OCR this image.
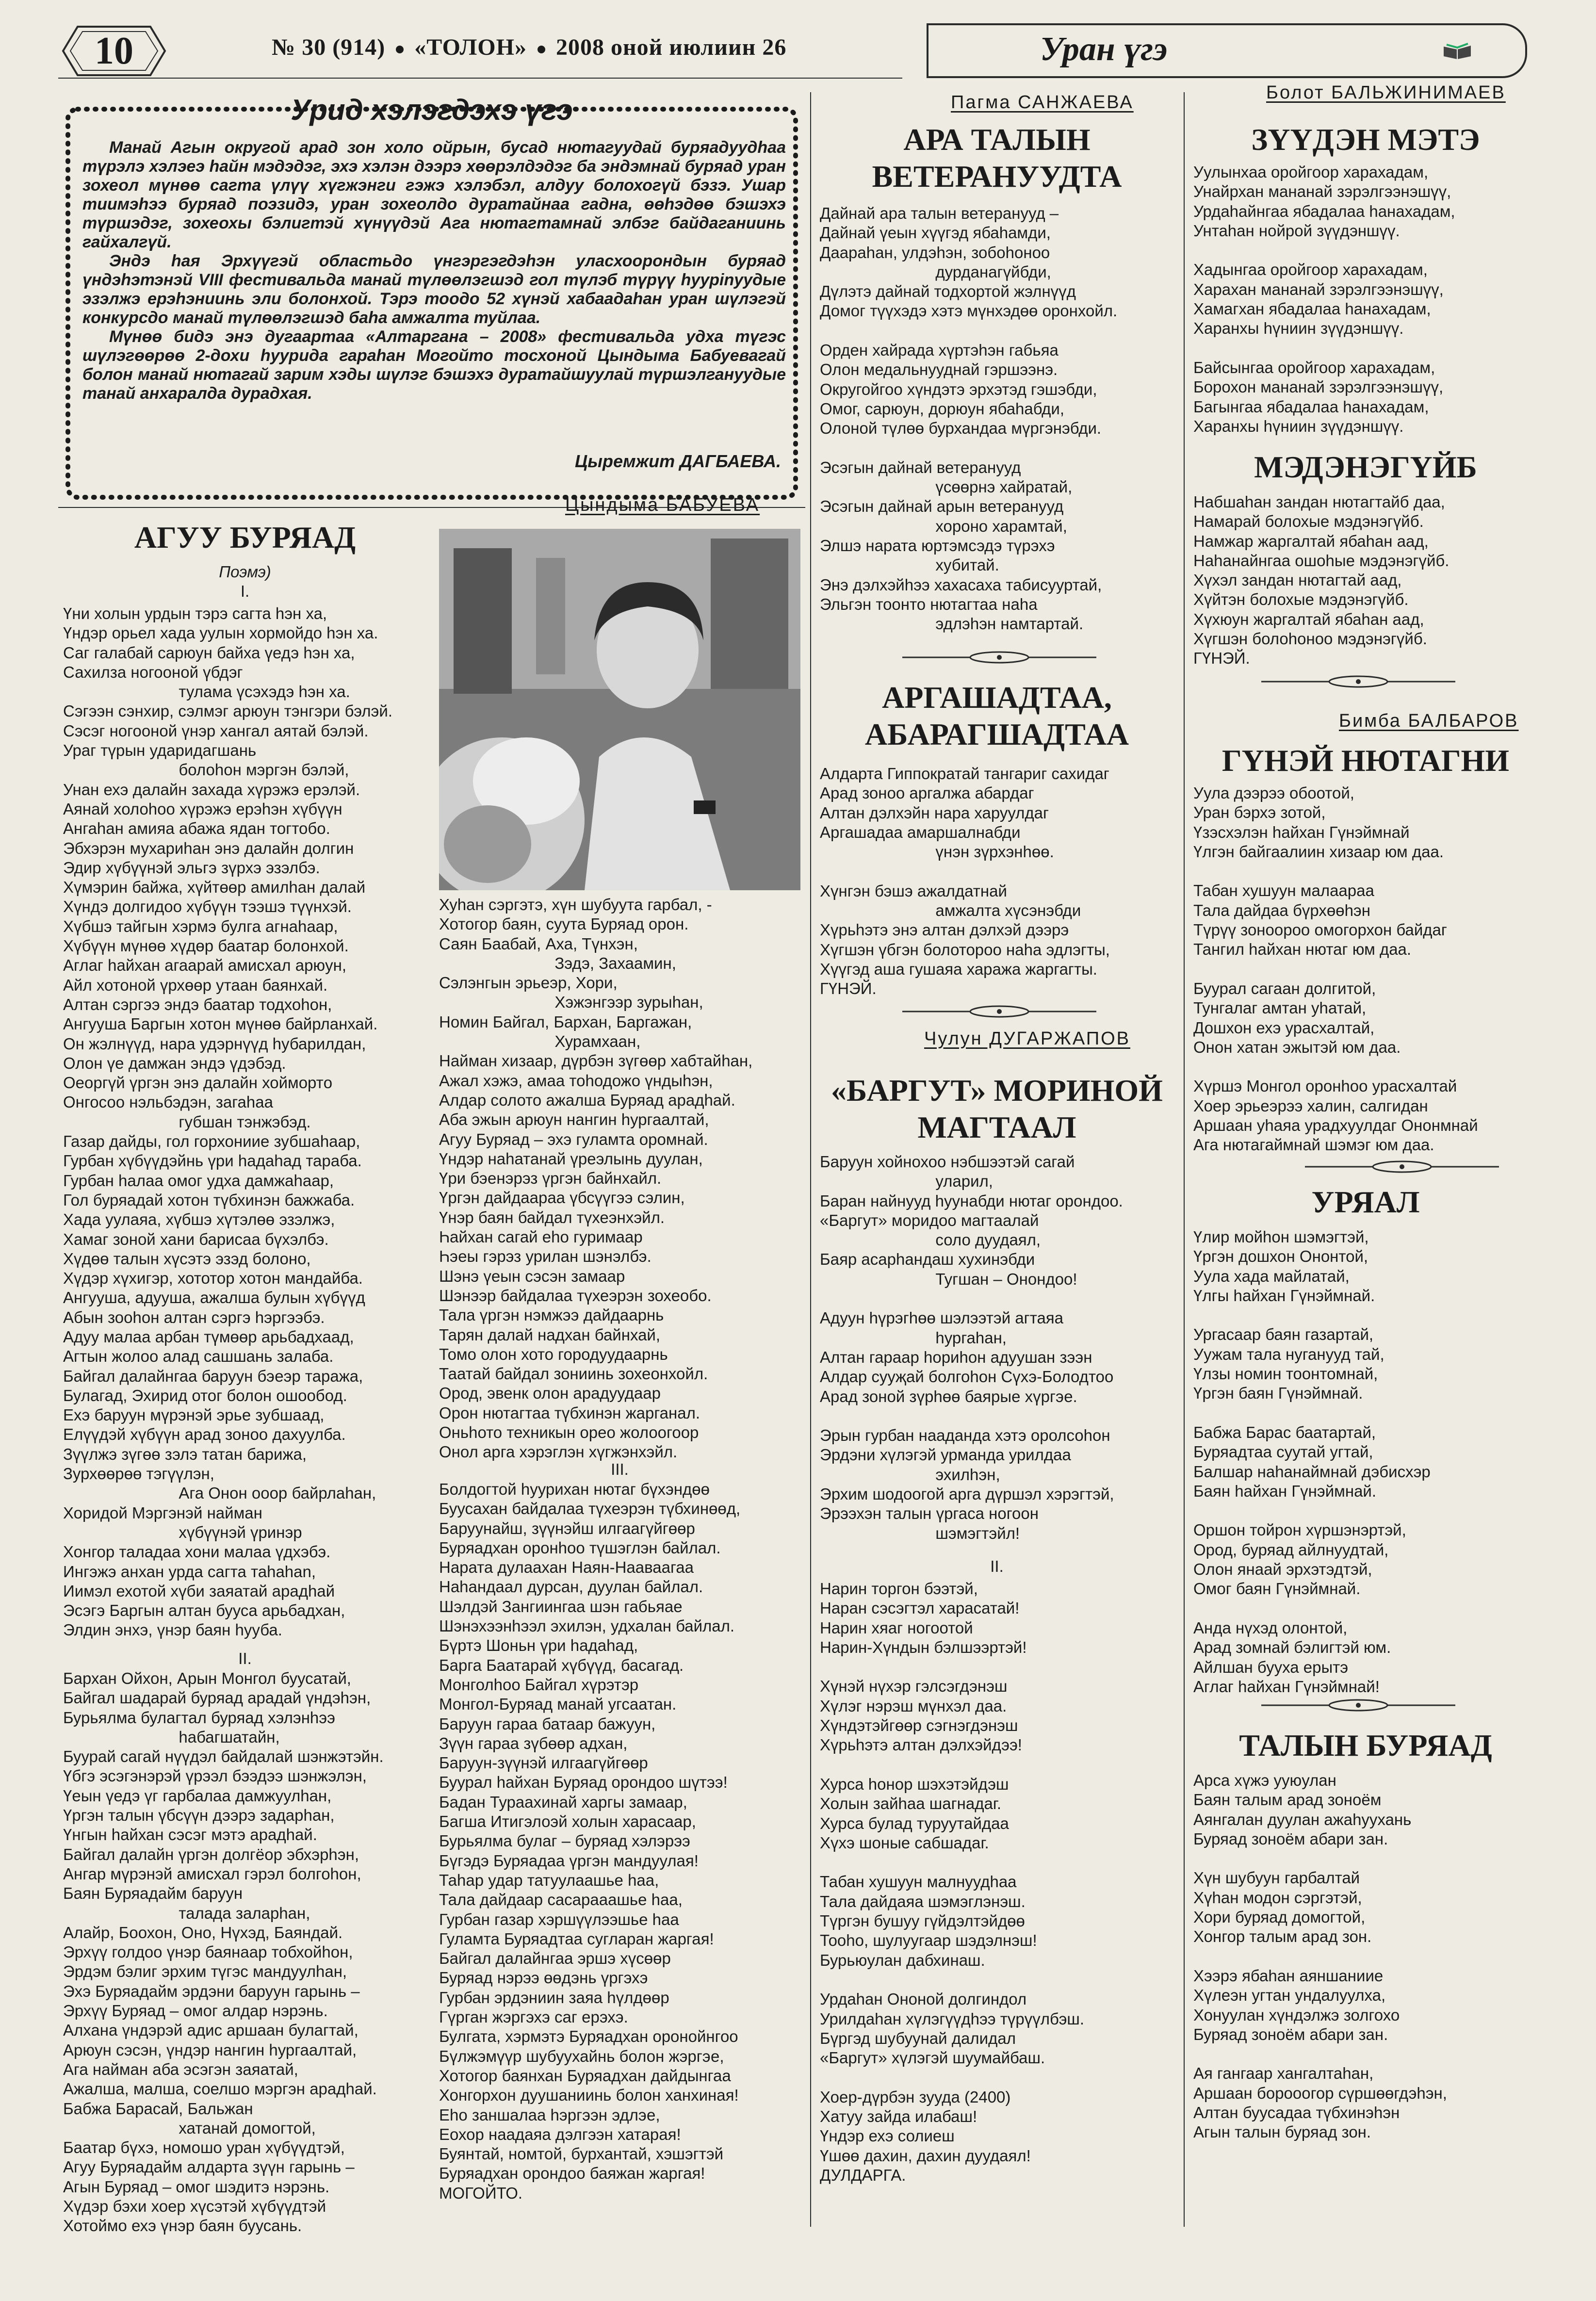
10	№ 30 (914) «ТОЛОН» 2008 оной июлиин 26	Уран үгэ
Урид хэлэгдэхэ үгэ

Манай Агын округой арад зон холо ойрын, бусад нютагуудай буряадуудһаа түрэлэ хэлэеэ һайн мэдэдэг, эхэ хэлэн дээрэ хөөрэлдэдэг ба эндэмнай буряад уран зохеол мүнөө сагта үлүү хүгжэнги гэжэ хэлэбэл, алдуу болохогүй бэзэ. Ушар тиимэһээ буряад поэзидэ, уран зохеолдо дуратайнаа гадна, өөһэдөө бэшэхэ түршэдэг, зохеохы бэлигтэй хүнүүдэй Ага нютагтамнай элбэг байдаганиинь гайхалгүй.

Эндэ һая Эрхүүгэй областьдо үнгэргэгдэһэн уласхоорондын буряад үндэһэтэнэй VIII фестивальда манай түлөөлэгшэд гол түлэб түрүү һуурinуудые эзэлжэ ерэһэниинь эли болонхой. Тэрэ тоодо 52 хүнэй хабаадаһан уран шүлэгэй конкурсдо манай түлөөлэгшэд баһа амжалта туйлаа.

Мүнөө бидэ энэ дугаартаа «Алтаргана – 2008» фестивальда удха түгэс шүлэгөөрөө 2-дохи һуурида гараһан Могойто тосхоной Цындыма Бабуевагай болон манай нютагай зарим хэды шүлэг бэшэхэ дуратайшуулай түршэлгануудые танай анхаралда дурадхая.

Цыремжит ДАГБАЕВА.
Цындыма БАБУЕВА
АГУУ БУРЯАД
Поэмэ)
I.
Үни холын урдын тэрэ сагта һэн ха,
Үндэр орьел хада уулын хормойдо һэн ха.
Саг галабай сарюун байха үедэ һэн ха,
Сахилза ногооной үбдэг
тулама үсэхэдэ һэн ха.
Сэгээн сэнхир, сэлмэг арюун тэнгэри бэлэй.
Сэсэг ногооной үнэр хангал аятай бэлэй.
Ураг түрын ударидагшань
болоһон мэргэн бэлэй,
Унан ехэ далайн захада хүрэжэ ерэлэй.
Аянай холоһоо хүрэжэ ерэһэн хүбүүн
Ангаһан амияа абажа ядан тогтобо.
Эбхэрэн мухариһан энэ далайн долгин
Эдир хүбүүнэй эльгэ зүрхэ эзэлбэ.
Хүмэрин байжа, хүйтөөр амилһан далай
Хүндэ долгидоо хүбүүн тээшэ түүнхэй.
Хүбшэ тайгын хэрмэ булга агнаһаар,
Хүбүүн мүнөө хүдөр баатар болонхой.
Аглаг һайхан агаарай амисхал арюун,
Айл хотоной үрхөөр утаан баянхай.
Алтан сэргээ эндэ баатар тодхоһон,
Ангууша Баргын хотон мүнөө байрланхай.
Он жэлнүүд, нара удэрнүүд һубарилдан,
Олон үе дамжан эндэ үдэбэд.
Оеоргүй үргэн энэ далайн хоймортo
Онгосоо нэльбэдэн, загаһаа
губшан тэнжэбэд.
Газар дайды, гол горхониие зубшаһаар,
Гурбан хүбүүдэйнь үри һадаһад тараба.
Гурбан һалаа омог удха дамжаһаар,
Гол буряадай хотон түбхинэн бажжаба.
Хада уулаяа, хүбшэ хүтэлөө эзэлжэ,
Хамаг зоной хани барисаа бүхэлбэ.
Хүдөө талын хүсэтэ эзэд болоно,
Хүдэр хүхигэр, хототор хотон мандайба.
Ангууша, адууша, ажалша булын хүбүүд
Абын зооhон алтан сэргэ һэргээбэ.
Адуу малаа арбан түмөөр арьбадхаад,
Агтын жолоо алад сашшань залаба.
Байгал далайнгаа баруун бэеэр таража,
Булагад, Эхирид отог болон ошообод.
Ехэ баруун мүрэнэй эрье зубшаад,
Елүүдэй хүбүүн арад зоноо дахуулба.
Зүүлжэ зүгөө зэлэ татан барижа,
Зурхөөрөө тэгүүлэн,
Ага Онон ооор байрлаһан,
Хоридой Мэргэнэй найман
хүбүүнэй үринэр
Хонгор таладаа хони малаа үдхэбэ.
Ингэжэ анхан урда сагта таһаhan,
Иимэл ехотой хүби заяатай арадһай
Эсэгэ Баргын алтан бууса арьбадхан,
Элдин энхэ, үнэр баян һууба.
II.
Бархан Ойхон, Арын Монгол буусатай,
Байгал шадарай буряад арадай үндэһэн,
Бурьялма булагтал буряад хэлэнһээ
һабагшатайн,
Буурай сагай нүүдэл байдалай шэнжэтэйн.
Үбгэ эсэгэнэрэй үрээл бээдээ шэнжэлэн,
Үеын үедэ үг гарбалаа дамжуулһан,
Үргэн талын үбсүүн дээрэ задарһан,
Үнгын һайхан сэсэг мэтэ арадһай.
Байгал далайн үргэн долгёор эбхэрһэн,
Ангар мүрэнэй амисхал гэрэл болгоһон,
Баян Буряадайм баруун
талада заларһан,
Алайр, Боохон, Оно, Нүхэд, Баяндай.
Эрхүү голдоо үнэр баянаар тобхойһон,
Эрдэм бэлиг эрхим түгэс мандуулһан,
Эхэ Буряадайм эрдэни баруун гарынь –
Эрхүү Буряад – омог алдар нэрэнь.
Алхана үндэрэй адис аршаан булагтай,
Арюун сэсэн, үндэр нангин һургаалтай,
Ага найман аба эсэгэн заяатай,
Ажалша, малша, соелшо мэргэн арадһай.
Бабжа Барасай, Бальжан
хатанай домогтой,
Баатар бүхэ, номошо уран хүбүүдтэй,
Агуу Буряадайм алдарта зүүн гарынь –
Агын Буряад – омог шэдитэ нэрэнь.
Хүдэр бэхи хоер хүсэтэй хүбүүдтэй
Хотоймо ехэ үнэр баян буусань.
Хуһан сэргэтэ, хүн шубуута гарбал, -
Хотогор баян, суута Буряад орон.
Саян Баабай, Аха, Түнхэн,
Зэдэ, Захаамин,
Сэлэнгын эрьеэр, Хори,
Хэжэнгээр зурыһан,
Номин Байгал, Бархан, Баргажан,
Хурамхаан,
Найман хизаар, дүрбэн зүгөөр хабтайһан,
Ажал хэжэ, амаа тоһодожо үндыһэн,
Алдар солото ажалша Буряад арадһай.
Аба эжын арюун нангин һургаалтай,
Агуу Буряад – эхэ гуламта оромнай.
Үндэр наһатанай үреэлынь дуулан,
Үри бэенэрэз үргэн байнхайл.
Үргэн дайдаараа үбсүүгээ сэлин,
Үнэр баян байдал түхеэнхэйл.
Һайхан сагай еһо гуримаар
Һэеы гэрэз урилан шэнэлбэ.
Шэнэ үеын сэсэн замаар
Шэнээр байдалаа түхеэрэн зохеобо.
Тала үргэн нэмжээ дайдаарнь
Тарян далай надхан байнхай,
Томо олон хото городуудаарнь
Таатай байдал зониинь зохеонхойл.
Ород, эвенк олон арадуудаар
Орон нютагтаа түбхинэн жарганал.
Оньһото техникын орео жолоогоор
Онол арга хэрэглэн хүгжэнхэйл.
III.
Болдогтой һуурихан нютаг бүхэндөө
Буусахан байдалаа түхеэрэн түбхинөөд,
Баруунайш, зүүнэйш илгаагүйгөөр
Буряадхан оронһоо түшэглэн байлал.
Нарата дулаахан Наян-Нааваагаа
Наһандаал дурсан, дуулан байлал.
Шэлдэй Зангиингаа шэн габьяае
Шэнэхээнһээл эхилэн, удхалан байлал.
Бүртэ Шоньн үри һадаһад,
Барга Баатарай хүбүүд, басагад.
Монголһоо Байгал хүрэтэр
Монгол-Буряад манай угсаатан.
Баруун гараа батаар бажуун,
Зүүн гараа зүбөөр адхан,
Баруун-зүүнэй илгаагүйгөөр
Буурал һайхан Буряад орондоо шүтээ!
Бадан Тураахинай харгы замаар,
Багша Итигэлоэй холын харасаар,
Бурьялма булаг – буряад хэлэрээ
Бүгэдэ Буряадаа үргэн мандуулая!
Таһар удар татуулаашье һаа,
Тала дайдаар сасарааашье һаа,
Гурбан газар хэршүүлээшье һаа
Гуламта Буряадтаа сугларан жаргая!
Байгал далайнгаа эршэ хүсөөр
Буряад нэрээ өөдэнь үргэхэ
Гурбан эрдэниин заяа һүлдөөр
Гүрган жэргэхэ саг ерэхэ.
Булгата, хэрмэтэ Буряадхан оронойнгоо
Бүлжэмүүр шубуухайнь болон жэргэе,
Хотогор баянхан Буряадхан дайдынгаа
Хонгорхон дуушаниинь болон ханхиная!
Еһо заншалаа һэргээн эдлэе,
Еохор наадаяа дэлгээн хатарая!
Буянтай, номтой, бурхантай, хэшэгтэй
Буряадхан орондоо баяжан жаргая!
МОГОЙТО.
Пагма САНЖАЕВА
АРА ТАЛЫН ВЕТЕРАНУУДТА
Дайнай ара талын ветеранууд –
Дайнай үеын хүүгэд ябаhамди,
Даараhан, улдэhэн, зобоhоноо
дурданагүйбди,
Дүлэтэ дайнай тодхортой жэлнүүд
Домог түүхэдэ хэтэ мүнхэдөө оронхойл.

Орден хайрада хүртэhэн габьяа
Олон медальнууднай гэршээнэ.
Округойгоо хүндэтэ эрхэтэд гэшэбди,
Омог, сарюун, дорюун ябаhабди,
Олоной түлөө бурхандаа мүргэнэбди.

Эсэгын дайнай ветеранууд
үсөөрнэ хайратай,
Эсэгын дайнай арын ветеранууд
хороно харамтай,
Элшэ нарата юртэмсэдэ түрэхэ
хубитай.
Энэ дэлхэйhээ хахасаха табисууртай,
Эльгэн тоонто нютагтаа наhа
эдлэhэн намтартай.
АРГАШАДТАА, АБАРАГШАДТАА
Алдарта Гиппократай тангариг сахидаг
Арад зоноо аргалжа абардаг
Алтан дэлхэйн нара харуулдаг
Аргашадаа амаршалнабди
үнэн зүрхэнhөө.

Хүнгэн бэшэ ажалдатнай
амжалта хүсэнэбди
Хүрьhэтэ энэ алтан дэлхэй дээрэ
Хүгшэн үбгэн болотороо наhа эдлэгты,
Хүүгэд аша гушаяа хаража жаргагты.
ГҮНЭЙ.
Чулун ДУГАРЖАПОВ
«БАРГУТ» МОРИНОЙ МАГТААЛ
Баруун хойнохоо нэбшээтэй сагай
уларил,
Баран найнууд hуунабди нютаг орондоо.
«Баргут» моридоо магтаалай
соло дуудаял,
Баяр асарhандаш хухинэбди
Тугшан – Онондоо!

Адуун hүрэгhөө шэлээтэй агтаяа
hургаhан,
Алтан гараар hориhон адуушан зээн
Алдар сууҗай болгоhон Сүхэ-Болодтоо
Арад зоной зүрhөө баярые хүргэе.

Эрын гурбан нааданда хэтэ оролсоhон
Эрдэни хүлэгэй урманда урилдаа
эхилhэн,
Эрхим шодоогой арга дүршэл хэрэгтэй,
Эрээхэн талын үргаса ногоон
шэмэгтэйл!
II.
Нарин торгон бээтэй,
Наран сэсэгтэл харасатай!
Нарин хяаг ногоотой
Нарин-Хүндын бэлшээртэй!

Хүнэй нүхэр гэлсэгдэнэш
Хүлэг нэрэш мүнхэл даа.
Хүндэтэйгөөр сэгнэгдэнэш
Хүрьhэтэ алтан дэлхэйдээ!

Хурса hонор шэхэтэйдэш
Холын зайhаа шагнадаг.
Хурса булад туруутайдаа
Хүхэ шоные сабшадаг.

Табан хушуун малнуудhаа
Тала дайдаяа шэмэглэнэш.
Түргэн бушуу гүйдэлтэйдөө
Тооhо, шулуугаар шэдэлнэш!
Бурьюулан дабхинаш.

Урдаhан Ононой долгиндол
Урилдаhан хүлэгүүдhээ түрүүлбэш.
Бүргэд шубуунай далидал
«Баргут» хүлэгэй шуумайбаш.

Хоер-дүрбэн зууда (2400)
Хатуу зайда илабаш!
Үндэр ехэ солиеш
Үшөө дахин, дахин дуудаял!
ДУЛДАРГА.
Болот БАЛЬЖИНИМАЕВ
ЗҮҮДЭН МЭТЭ
Уулынхаа оройгоор харахадам,
Унайрхан мананай зэрэлгээнэшүү,
Урдаhайнгаа ябадалаа hанахадам,
Унтаhан нойрой зүүдэншүү.

Хадынгаа оройгоор харахадам,
Харахан мананай зэрэлгээнэшүү,
Хамагхан ябадалаа hанахадам,
Харанхы hүниин зүүдэншүү.

Байсынгаа оройгоор харахадам,
Борохон мананай зэрэлгээнэшүү,
Багынгаа ябадалаа hанахадам,
Харанхы hүниин зүүдэншүү.
МЭДЭНЭГҮЙБ
Набшаhан зандан нютагтайб даа,
Намарай болохые мэдэнэгүйб.
Намжар жаргалтай ябаhан аад,
Наhанайнгаа ошоhые мэдэнэгүйб.
Хүхэл зандан нютагтай аад,
Хүйтэн болохые мэдэнэгүйб.
Хүхюун жаргалтай ябаhан аад,
Хүгшэн болоhоноо мэдэнэгүйб.
ГҮНЭЙ.
Бимба БАЛБАРОВ
ГҮНЭЙ НЮТАГНИ
Уула дээрээ обоотой,
Уран бэрхэ зотой,
Үзэсхэлэн hайхан Гүнэймнай
Үлгэн байгаалиин хизаар юм даа.

Табан хушуун малаараа
Тала дайдаа бүрхөөhэн
Түрүү зоноороо омогорхон байдаг
Тангил hайхан нютаг юм даа.

Буурал сагаан долгитой,
Тунгалаг амтан уhатай,
Дошхон ехэ урасхалтай,
Онон хатан эжытэй юм даа.

Хүршэ Монгол оронhоо урасхалтай
Хоер эрьеэрээ халин, салгидан
Аршаан уhаяа урадхуулдаг Ононмнай
Ага нютагаймнай шэмэг юм даа.
УРЯАЛ
Үлир мойhон шэмэгтэй,
Үргэн дошхон Ононтой,
Уула хада майлатай,
Үлгы hайхан Гүнэймнай.

Ургасаар баян газартай,
Уужам тала нуганууд тай,
Үлзы номин тоонтомнай,
Үргэн баян Гүнэймнай.

Бабжа Барас баатартай,
Буряадтаа суутай угтай,
Балшар наhанаймнай дэбисхэр
Баян hайхан Гүнэймнай.

Оршон тойрон хүршэнэртэй,
Ород, буряад айлнуудтай,
Олон янаай эрхэтэдтэй,
Омог баян Гүнэймнай.

Анда нүхэд олонтой,
Арад зомнай бэлигтэй юм.
Айлшан бууха ерытэ
Аглаг hайхан Гүнэймнай!
ТАЛЫН БУРЯАД
Арса хүжэ ууюулан
Баян талым арад зоноём
Аянгалан дуулан ажаhуухань
Буряад зоноём абари зан.

Хүн шубуун гарбалтай
Хүhан модон сэргэтэй,
Хори буряад домогтой,
Хонгор талым арад зон.

Хээрэ ябаhан аяншаниие
Хүлеэн угтан ундалуулха,
Хонуулан хүндэлжэ золгохо
Буряад зоноём абари зан.

Ая гангаар хангалтаhан,
Аршаан борооогор сүршөөгдэhэн,
Алтан буусадаа түбхинэhэн
Агын талын буряад зон.
